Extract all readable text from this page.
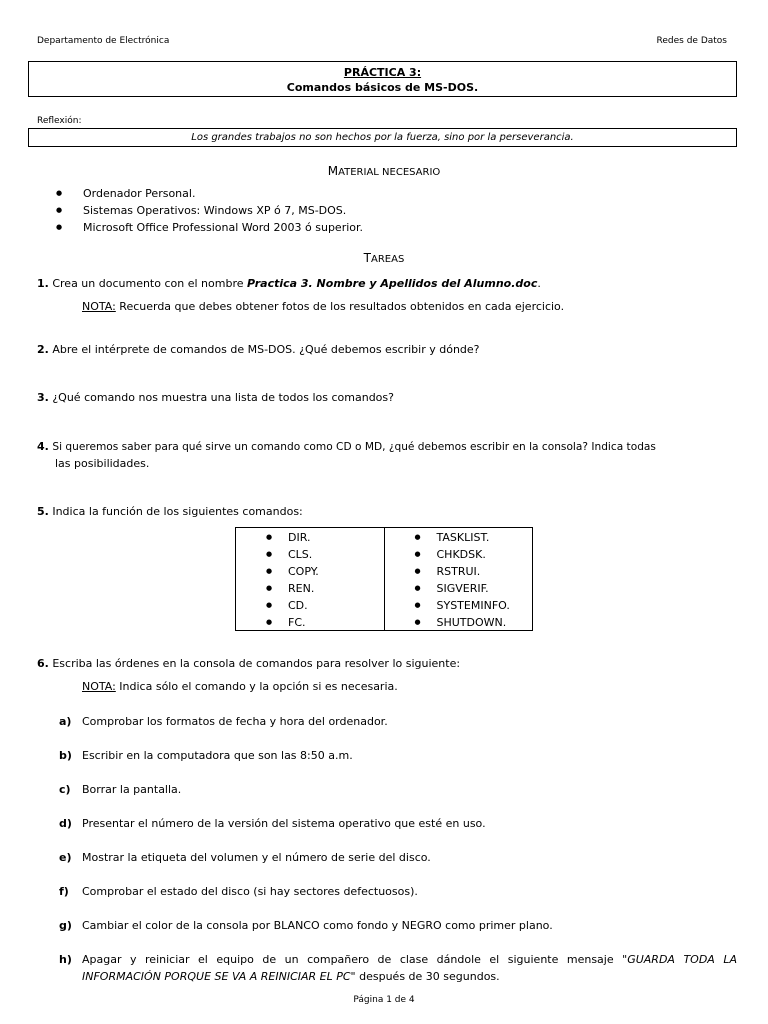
Departamento de Electrónica	Redes de Datos
PRÁCTICA 3:
Comandos básicos de MS-DOS.
Reflexión:
Los grandes trabajos no son hechos por la fuerza, sino por la perseverancia.
MATERIAL NECESARIO
● Ordenador Personal.
● Sistemas Operativos: Windows XP ó 7, MS-DOS.
● Microsoft Office Professional Word 2003 ó superior.
TAREAS
1. Crea un documento con el nombre Practica 3. Nombre y Apellidos del Alumno.doc.
NOTA: Recuerda que debes obtener fotos de los resultados obtenidos en cada ejercicio.
2. Abre el intérprete de comandos de MS-DOS. ¿Qué debemos escribir y dónde?
3. ¿Qué comando nos muestra una lista de todos los comandos?
4. Si queremos saber para qué sirve un comando como CD o MD, ¿qué debemos escribir en la consola? Indica todas
las posibilidades.
5. Indica la función de los siguientes comandos:
● DIR.
● CLS.
● COPY.
● REN.
● CD.
● FC.
● TASKLIST.
● CHKDSK.
● RSTRUI.
● SIGVERIF.
● SYSTEMINFO.
● SHUTDOWN.
6. Escriba las órdenes en la consola de comandos para resolver lo siguiente:
NOTA: Indica sólo el comando y la opción si es necesaria.
a) Comprobar los formatos de fecha y hora del ordenador.
b) Escribir en la computadora que son las 8:50 a.m.
c) Borrar la pantalla.
d) Presentar el número de la versión del sistema operativo que esté en uso.
e) Mostrar la etiqueta del volumen y el número de serie del disco.
f) Comprobar el estado del disco (si hay sectores defectuosos).
g) Cambiar el color de la consola por BLANCO como fondo y NEGRO como primer plano.
h) Apagar y reiniciar el equipo de un compañero de clase dándole el siguiente mensaje "GUARDA TODA LA INFORMACIÓN PORQUE SE VA A REINICIAR EL PC" después de 30 segundos.
Página 1 de 4
